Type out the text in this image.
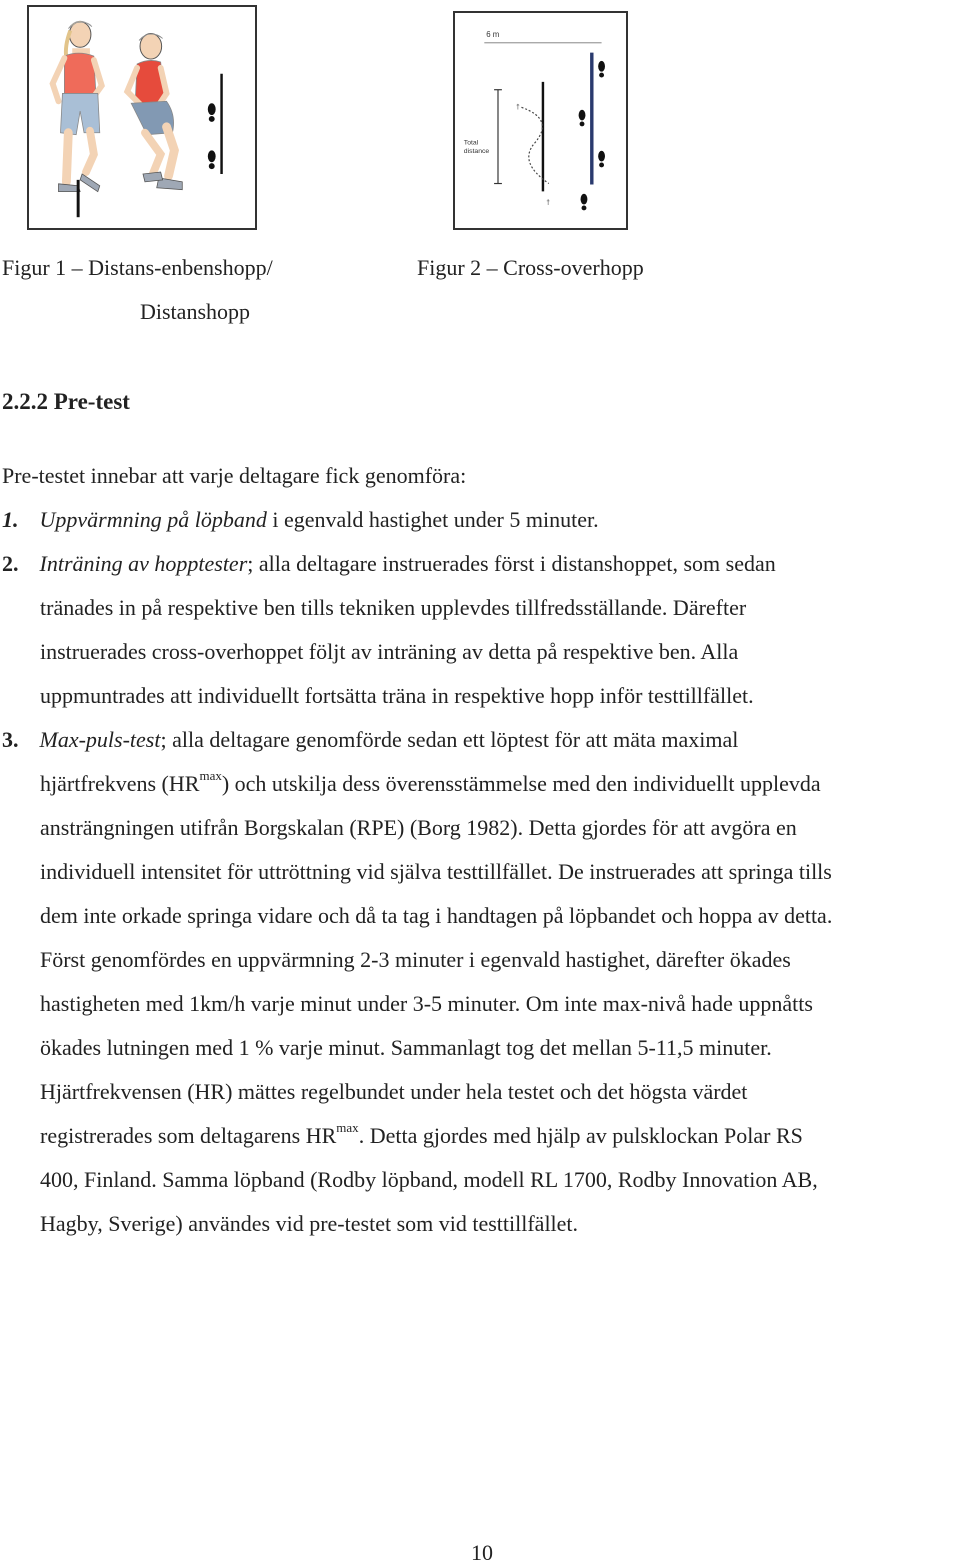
6 m
Total
distance
↟
↟
Figur 1 – Distans-enbenshopp/
Distanshopp
Figur 2 – Cross-overhopp
2.2.2 Pre-test
Pre-testet innebar att varje deltagare fick genomföra:
1. Uppvärmning på löpband i egenvald hastighet under 5 minuter.
2. Inträning av hopptester; alla deltagare instruerades först i distanshoppet, som sedan
tränades in på respektive ben tills tekniken upplevdes tillfredsställande. Därefter
instruerades cross-overhoppet följt av inträning av detta på respektive ben. Alla
uppmuntrades att individuellt fortsätta träna in respektive hopp inför testtillfället.
3. Max-puls-test; alla deltagare genomförde sedan ett löptest för att mäta maximal
hjärtfrekvens $(HR^{max})$ och utskilja dess överensstämmelse med den individuellt upplevda
ansträngningen utifrån Borgskalan (RPE) (Borg 1982). Detta gjordes för att avgöra en
individuell intensitet för uttröttning vid själva testtillfället. De instruerades att springa tills
dem inte orkade springa vidare och då ta tag i handtagen på löpbandet och hoppa av detta.
Först genomfördes en uppvärmning 2-3 minuter i egenvald hastighet, därefter ökades
hastigheten med 1km/h varje minut under 3-5 minuter. Om inte max-nivå hade uppnåtts
ökades lutningen med 1 % varje minut. Sammanlagt tog det mellan 5-11,5 minuter.
Hjärtfrekvensen (HR) mättes regelbundet under hela testet och det högsta värdet
registrerades som deltagarens $HR^{max}$. Detta gjordes med hjälp av pulsklockan Polar RS
400, Finland. Samma löpband (Rodby löpband, modell RL 1700, Rodby Innovation AB,
Hagby, Sverige) användes vid pre-testet som vid testtillfället.
10
